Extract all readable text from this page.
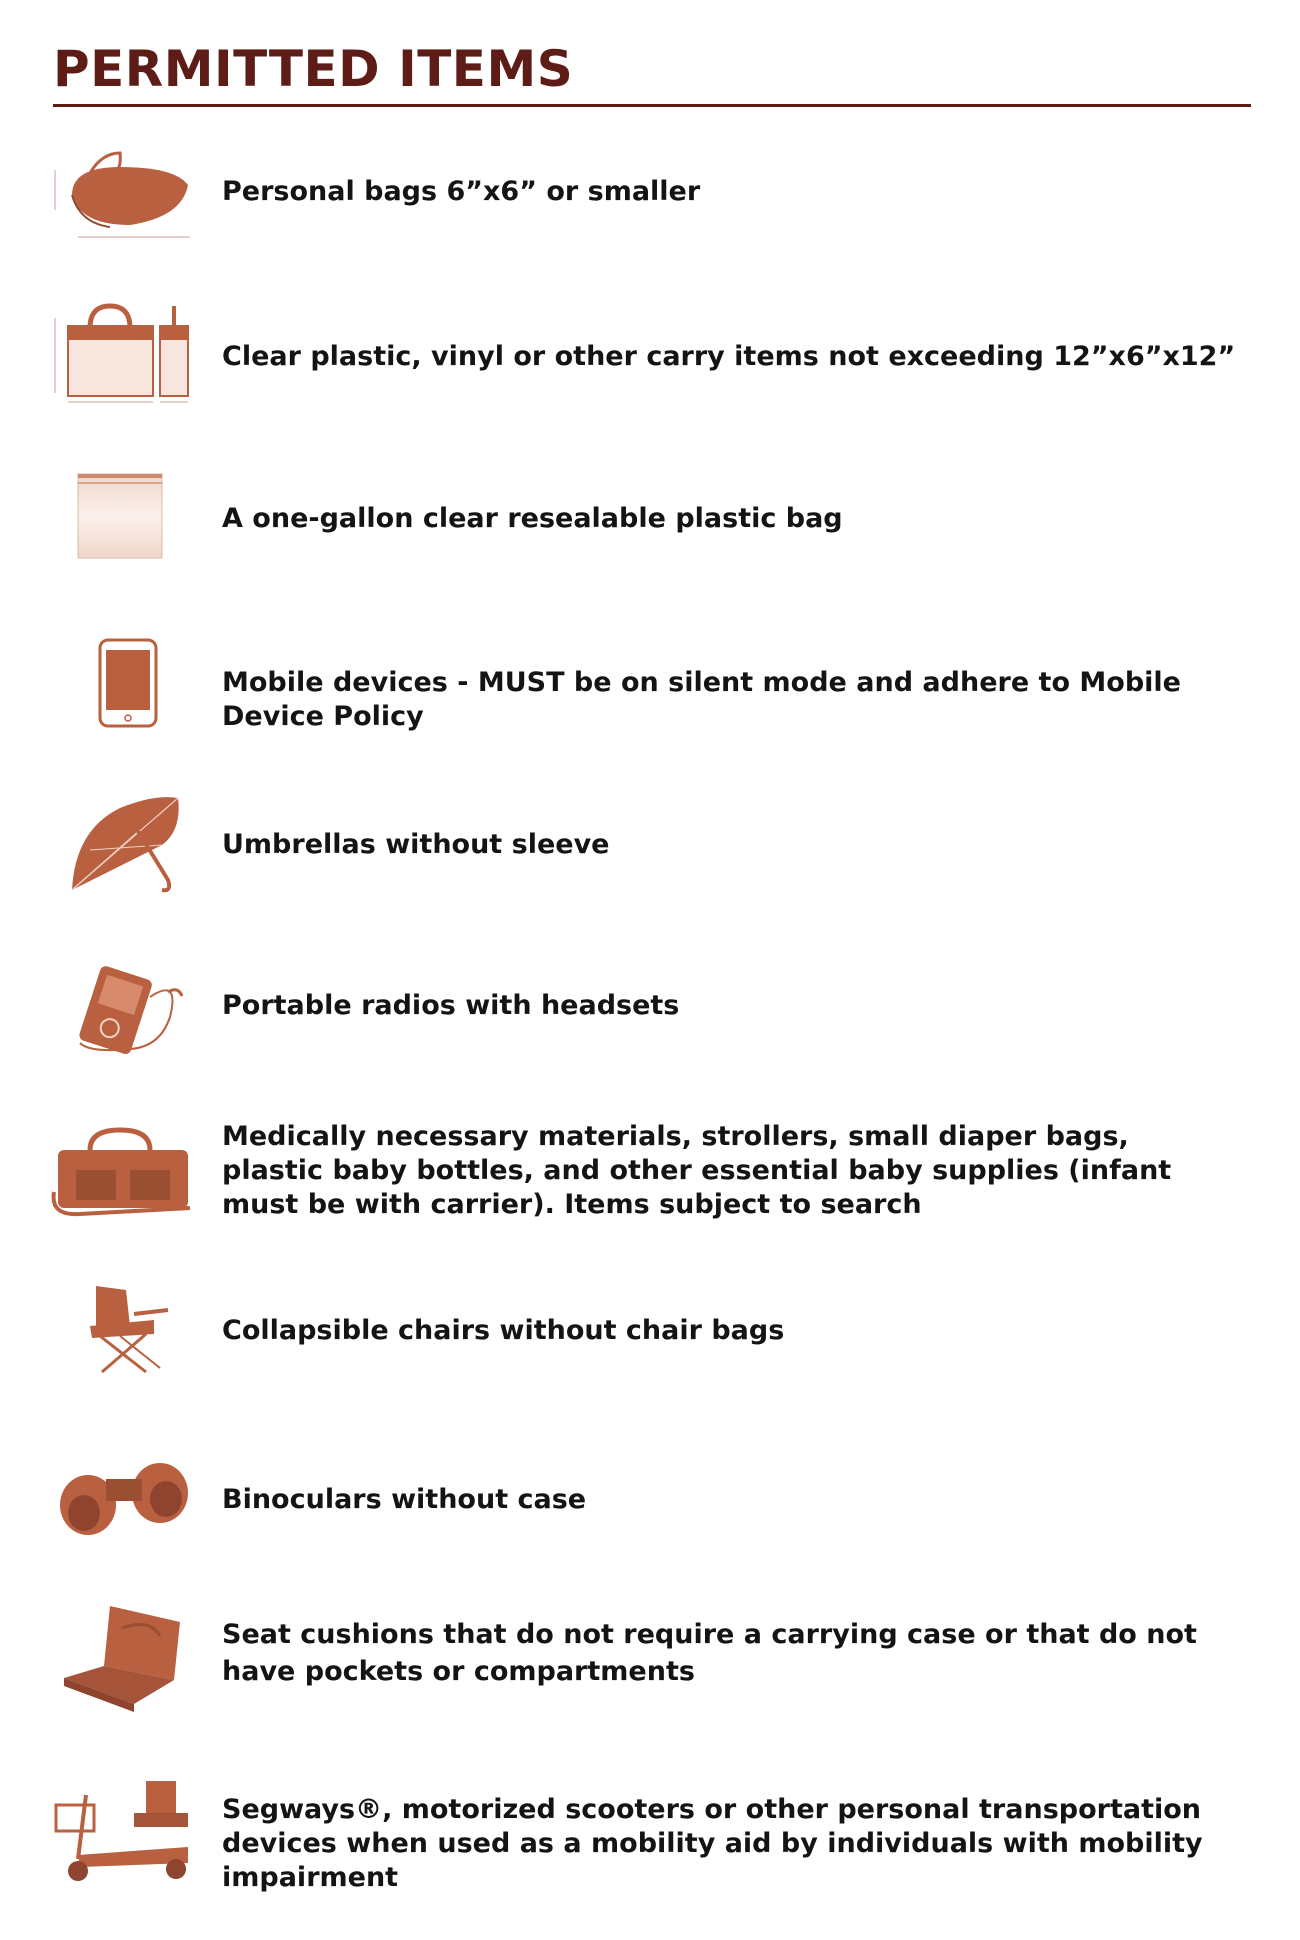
PERMITTED ITEMS

Personal bags 6”x6” or smaller

Clear plastic, vinyl or other carry items not exceeding 12”x6”x12”

A one-gallon clear resealable plastic bag

Mobile devices - MUST be on silent mode and adhere to Mobile Device Policy

Umbrellas without sleeve

Portable radios with headsets

Medically necessary materials, strollers, small diaper bags, plastic baby bottles, and other essential baby supplies (infant must be with carrier). Items subject to search

Collapsible chairs without chair bags

Binoculars without case

Seat cushions that do not require a carrying case or that do not have pockets or compartments

Segways®, motorized scooters or other personal transportation devices when used as a mobility aid by individuals with mobility impairment
